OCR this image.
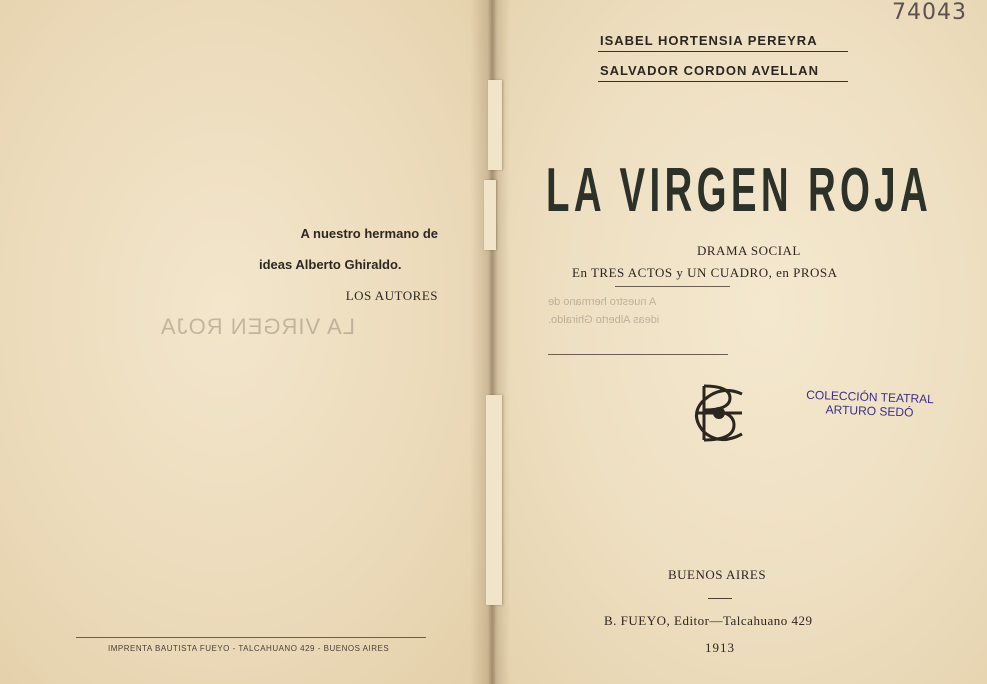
A nuestro hermano de
ideas Alberto Ghiraldo.
LOS AUTORES
LA VIRGEN ROJA
IMPRENTA BAUTISTA FUEYO - TALCAHUANO 429 - BUENOS AIRES
74043
ISABEL HORTENSIA PEREYRA
SALVADOR CORDON AVELLAN
LA VIRGEN ROJA
DRAMA SOCIAL
En TRES ACTOS y UN CUADRO, en PROSA
A nuestro hermano de
ideas Alberto Ghiraldo.
COLECCIÓN TEATRAL
ARTURO SEDÓ
BUENOS AIRES
B. FUEYO, Editor—Talcahuano 429
1913
